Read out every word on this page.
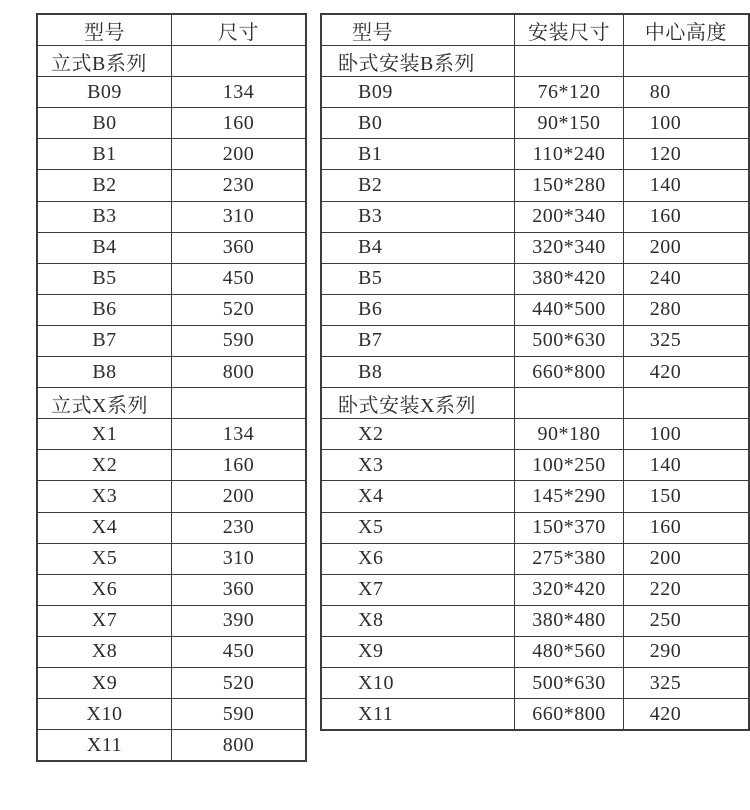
型号	尺寸
立式B系列	
B09	134
B0	160
B1	200
B2	230
B3	310
B4	360
B5	450
B6	520
B7	590
B8	800
立式X系列	
X1	134
X2	160
X3	200
X4	230
X5	310
X6	360
X7	390
X8	450
X9	520
X10	590
X11	800
型号	安装尺寸	中心高度
卧式安装B系列		
B09	76*120	80
B0	90*150	100
B1	110*240	120
B2	150*280	140
B3	200*340	160
B4	320*340	200
B5	380*420	240
B6	440*500	280
B7	500*630	325
B8	660*800	420
卧式安装X系列		
X2	90*180	100
X3	100*250	140
X4	145*290	150
X5	150*370	160
X6	275*380	200
X7	320*420	220
X8	380*480	250
X9	480*560	290
X10	500*630	325
X11	660*800	420
